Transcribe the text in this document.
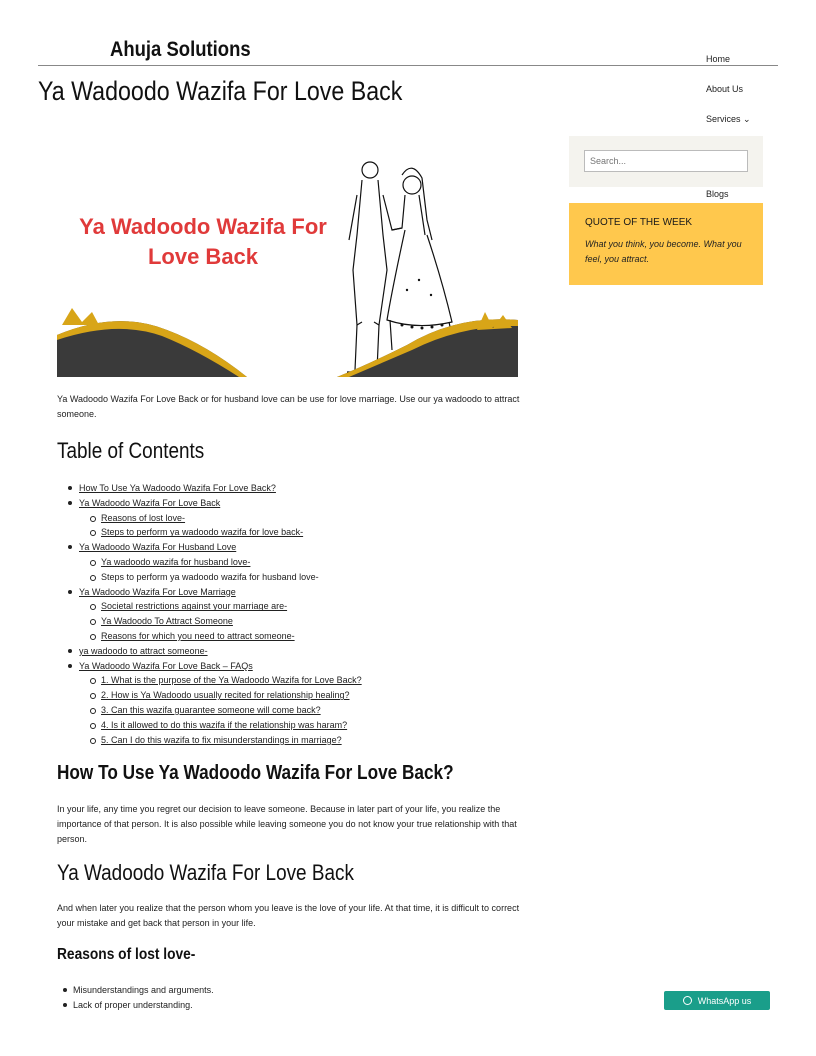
Ahuja Solutions	Home
About Us
Services ⌄
Blogs
Ya Wadoodo Wazifa For Love Back
Ya Wadoodo Wazifa For Love Back
Search...
QUOTE OF THE WEEK
What you think, you become. What you feel, you attract.
Ya Wadoodo Wazifa For Love Back or for husband love can be use for love marriage. Use our ya wadoodo to attract someone.
Table of Contents
How To Use Ya Wadoodo Wazifa For Love Back?
Ya Wadoodo Wazifa For Love Back
Reasons of lost love-
Steps to perform ya wadoodo wazifa for love back-
Ya Wadoodo Wazifa For Husband Love
Ya wadoodo wazifa for husband love-
Steps to perform ya wadoodo wazifa for husband love-
Ya Wadoodo Wazifa For Love Marriage
Societal restrictions against your marriage are-
Ya Wadoodo To Attract Someone
Reasons for which you need to attract someone-
ya wadoodo to attract someone-
Ya Wadoodo Wazifa For Love Back – FAQs
1. What is the purpose of the Ya Wadoodo Wazifa for Love Back?
2. How is Ya Wadoodo usually recited for relationship healing?
3. Can this wazifa guarantee someone will come back?
4. Is it allowed to do this wazifa if the relationship was haram?
5. Can I do this wazifa to fix misunderstandings in marriage?
How To Use Ya Wadoodo Wazifa For Love Back?
In your life, any time you regret our decision to leave someone. Because in later part of your life, you realize the importance of that person. It is also possible while leaving someone you do not know your true relationship with that person.
Ya Wadoodo Wazifa For Love Back
And when later you realize that the person whom you leave is the love of your life. At that time, it is difficult to correct your mistake and get back that person in your life.
Reasons of lost love-
Misunderstandings and arguments.
Lack of proper understanding.	WhatsApp us
